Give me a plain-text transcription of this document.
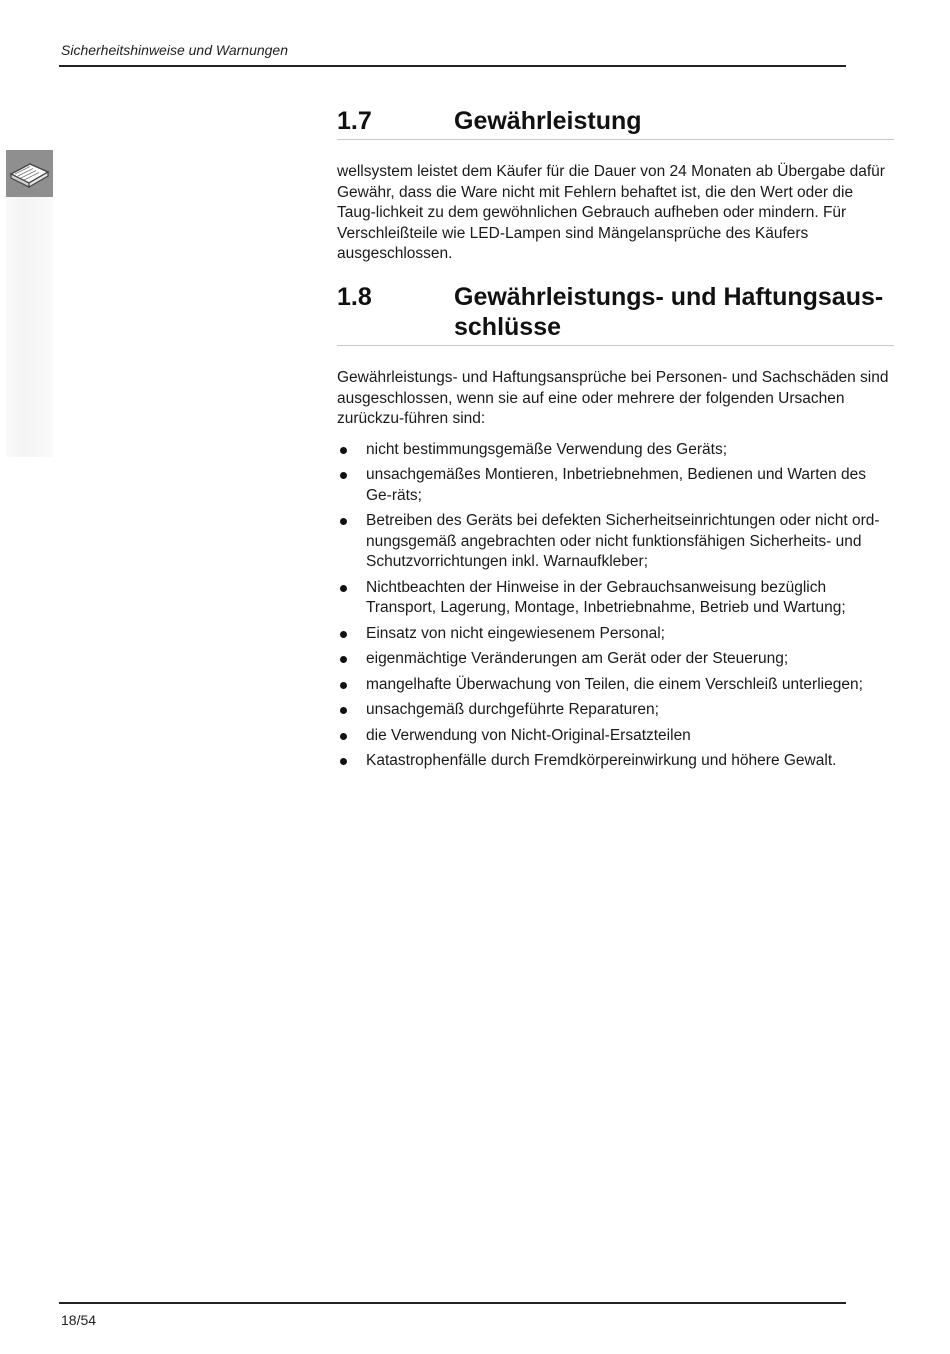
Sicherheitshinweise und Warnungen
1.7	Gewährleistung

wellsystem leistet dem Käufer für die Dauer von 24 Monaten ab Übergabe dafür Gewähr, dass die Ware nicht mit Fehlern behaftet ist, die den Wert oder die Taug-lichkeit zu dem gewöhnlichen Gebrauch aufheben oder mindern. Für Verschleißteile wie LED-Lampen sind Mängelansprüche des Käufers ausgeschlossen.

1.8	Gewährleistungs- und Haftungsaus-schlüsse

Gewährleistungs- und Haftungsansprüche bei Personen- und Sachschäden sind ausgeschlossen, wenn sie auf eine oder mehrere der folgenden Ursachen zurückzu-führen sind:

nicht bestimmungsgemäße Verwendung des Geräts;
unsachgemäßes Montieren, Inbetriebnehmen, Bedienen und Warten des Ge-räts;
Betreiben des Geräts bei defekten Sicherheitseinrichtungen oder nicht ord-nungsgemäß angebrachten oder nicht funktionsfähigen Sicherheits- und Schutzvorrichtungen inkl. Warnaufkleber;
Nichtbeachten der Hinweise in der Gebrauchsanweisung bezüglich Transport, Lagerung, Montage, Inbetriebnahme, Betrieb und Wartung;
Einsatz von nicht eingewiesenem Personal;
eigenmächtige Veränderungen am Gerät oder der Steuerung;
mangelhafte Überwachung von Teilen, die einem Verschleiß unterliegen;
unsachgemäß durchgeführte Reparaturen;
die Verwendung von Nicht-Original-Ersatzteilen
Katastrophenfälle durch Fremdkörpereinwirkung und höhere Gewalt.
18/54
